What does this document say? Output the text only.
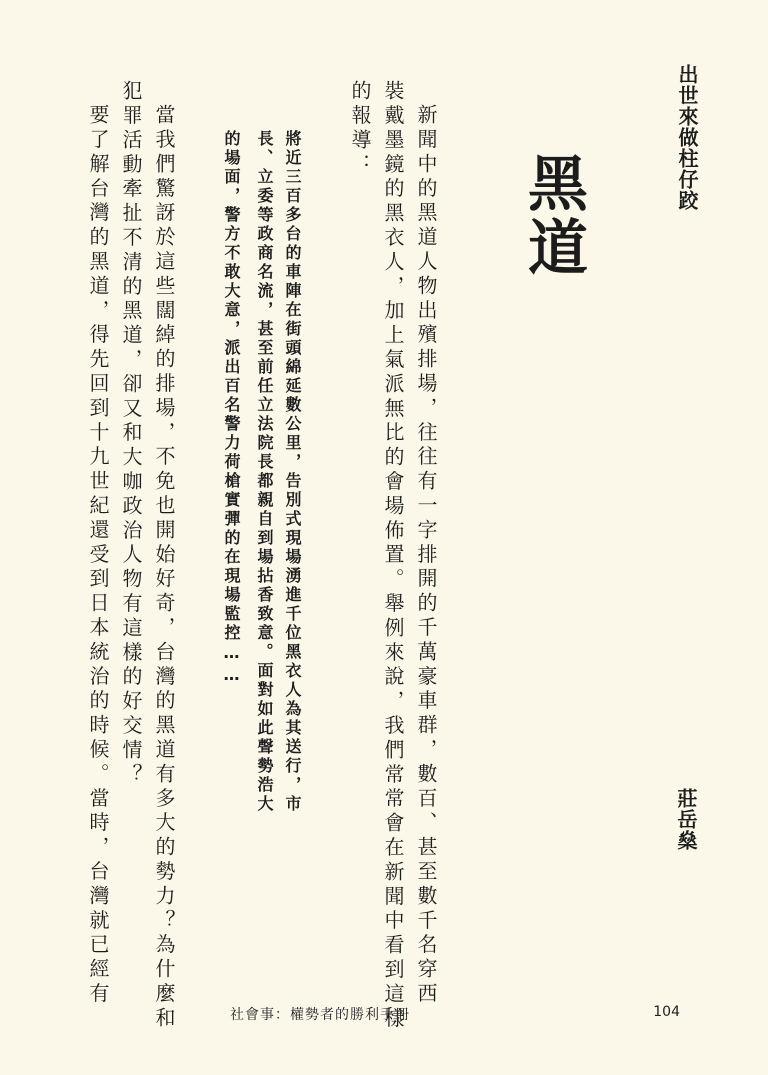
出世來做柱仔跤
黑道
莊岳燊
新聞中的黑道人物出殯排場，往往有一字排開的千萬豪車群，數百、甚至數千名穿西
裝戴墨鏡的黑衣人，加上氣派無比的會場佈置。舉例來說，我們常常會在新聞中看到這樣
的報導：
將近三百多台的車陣在街頭綿延數公里，告別式現場湧進千位黑衣人為其送行，市
長、立委等政商名流，甚至前任立法院長都親自到場拈香致意。面對如此聲勢浩大
的場面，警方不敢大意，派出百名警力荷槍實彈的在現場監控……
當我們驚訝於這些闊綽的排場，不免也開始好奇，台灣的黑道有多大的勢力？為什麼和
犯罪活動牽扯不清的黑道，卻又和大咖政治人物有這樣的好交情？
要了解台灣的黑道，得先回到十九世紀還受到日本統治的時候。當時，台灣就已經有
社會事：權勢者的勝利手冊	104
